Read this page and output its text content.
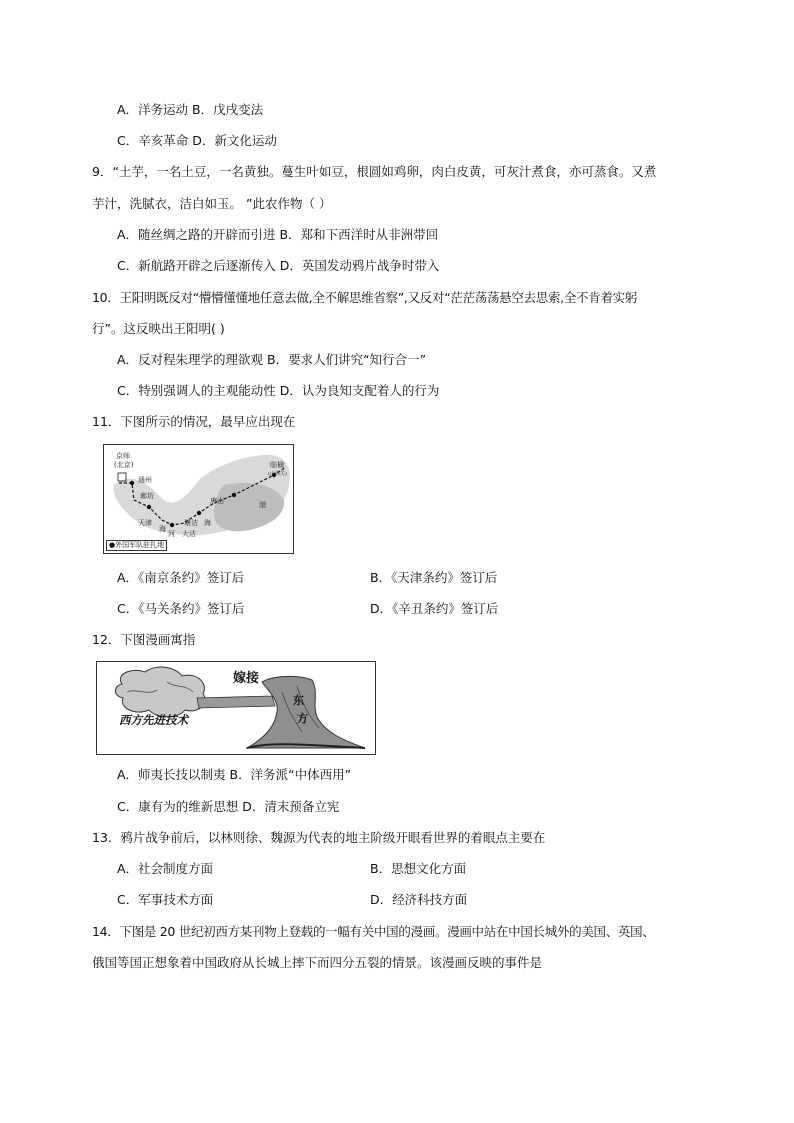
A．洋务运动 B．戊戌变法
C．辛亥革命 D．新文化运动
9．“土芋，一名土豆，一名黄独。蔓生叶如豆，根圆如鸡卵，肉白皮黄，可灰汁煮食，亦可蒸食。又煮
芋汁，洗腻衣，洁白如玉。 ”此农作物（ ）
A．随丝绸之路的开辟而引进 B．郑和下西洋时从非洲带回
C．新航路开辟之后逐渐传入 D．英国发动鸦片战争时带入
10．王阳明既反对“懵懵懂懂地任意去做,全不解思维省察”,又反对“茫茫荡荡悬空去思索,全不肯着实躬
行”。这反映出王阳明( )
A．反对程朱理学的理欲观 B．要求人们讲究“知行合一”
C．特别强调人的主观能动性 D．认为良知支配着人的行为
11．下图所示的情况，最早应出现在
京师
(北京)
通州
廊坊
唐山
天津	塘沽
大沽
海
河
海
临榆
(山海关)
渤
●外国军队驻扎地
A．《南京条约》签订后	B．《天津条约》签订后
C．《马关条约》签订后	D．《辛丑条约》签订后
12．下图漫画寓指
嫁接
西方先进技术
东
方
A．师夷长技以制夷 B．洋务派“中体西用”
C．康有为的维新思想 D．清末预备立宪
13．鸦片战争前后，以林则徐、魏源为代表的地主阶级开眼看世界的着眼点主要在
A．社会制度方面	B．思想文化方面
C．军事技术方面	D．经济科技方面
14．下图是 20 世纪初西方某刊物上登载的一幅有关中国的漫画。漫画中站在中国长城外的美国、英国、
俄国等国正想象着中国政府从长城上摔下而四分五裂的情景。该漫画反映的事件是
